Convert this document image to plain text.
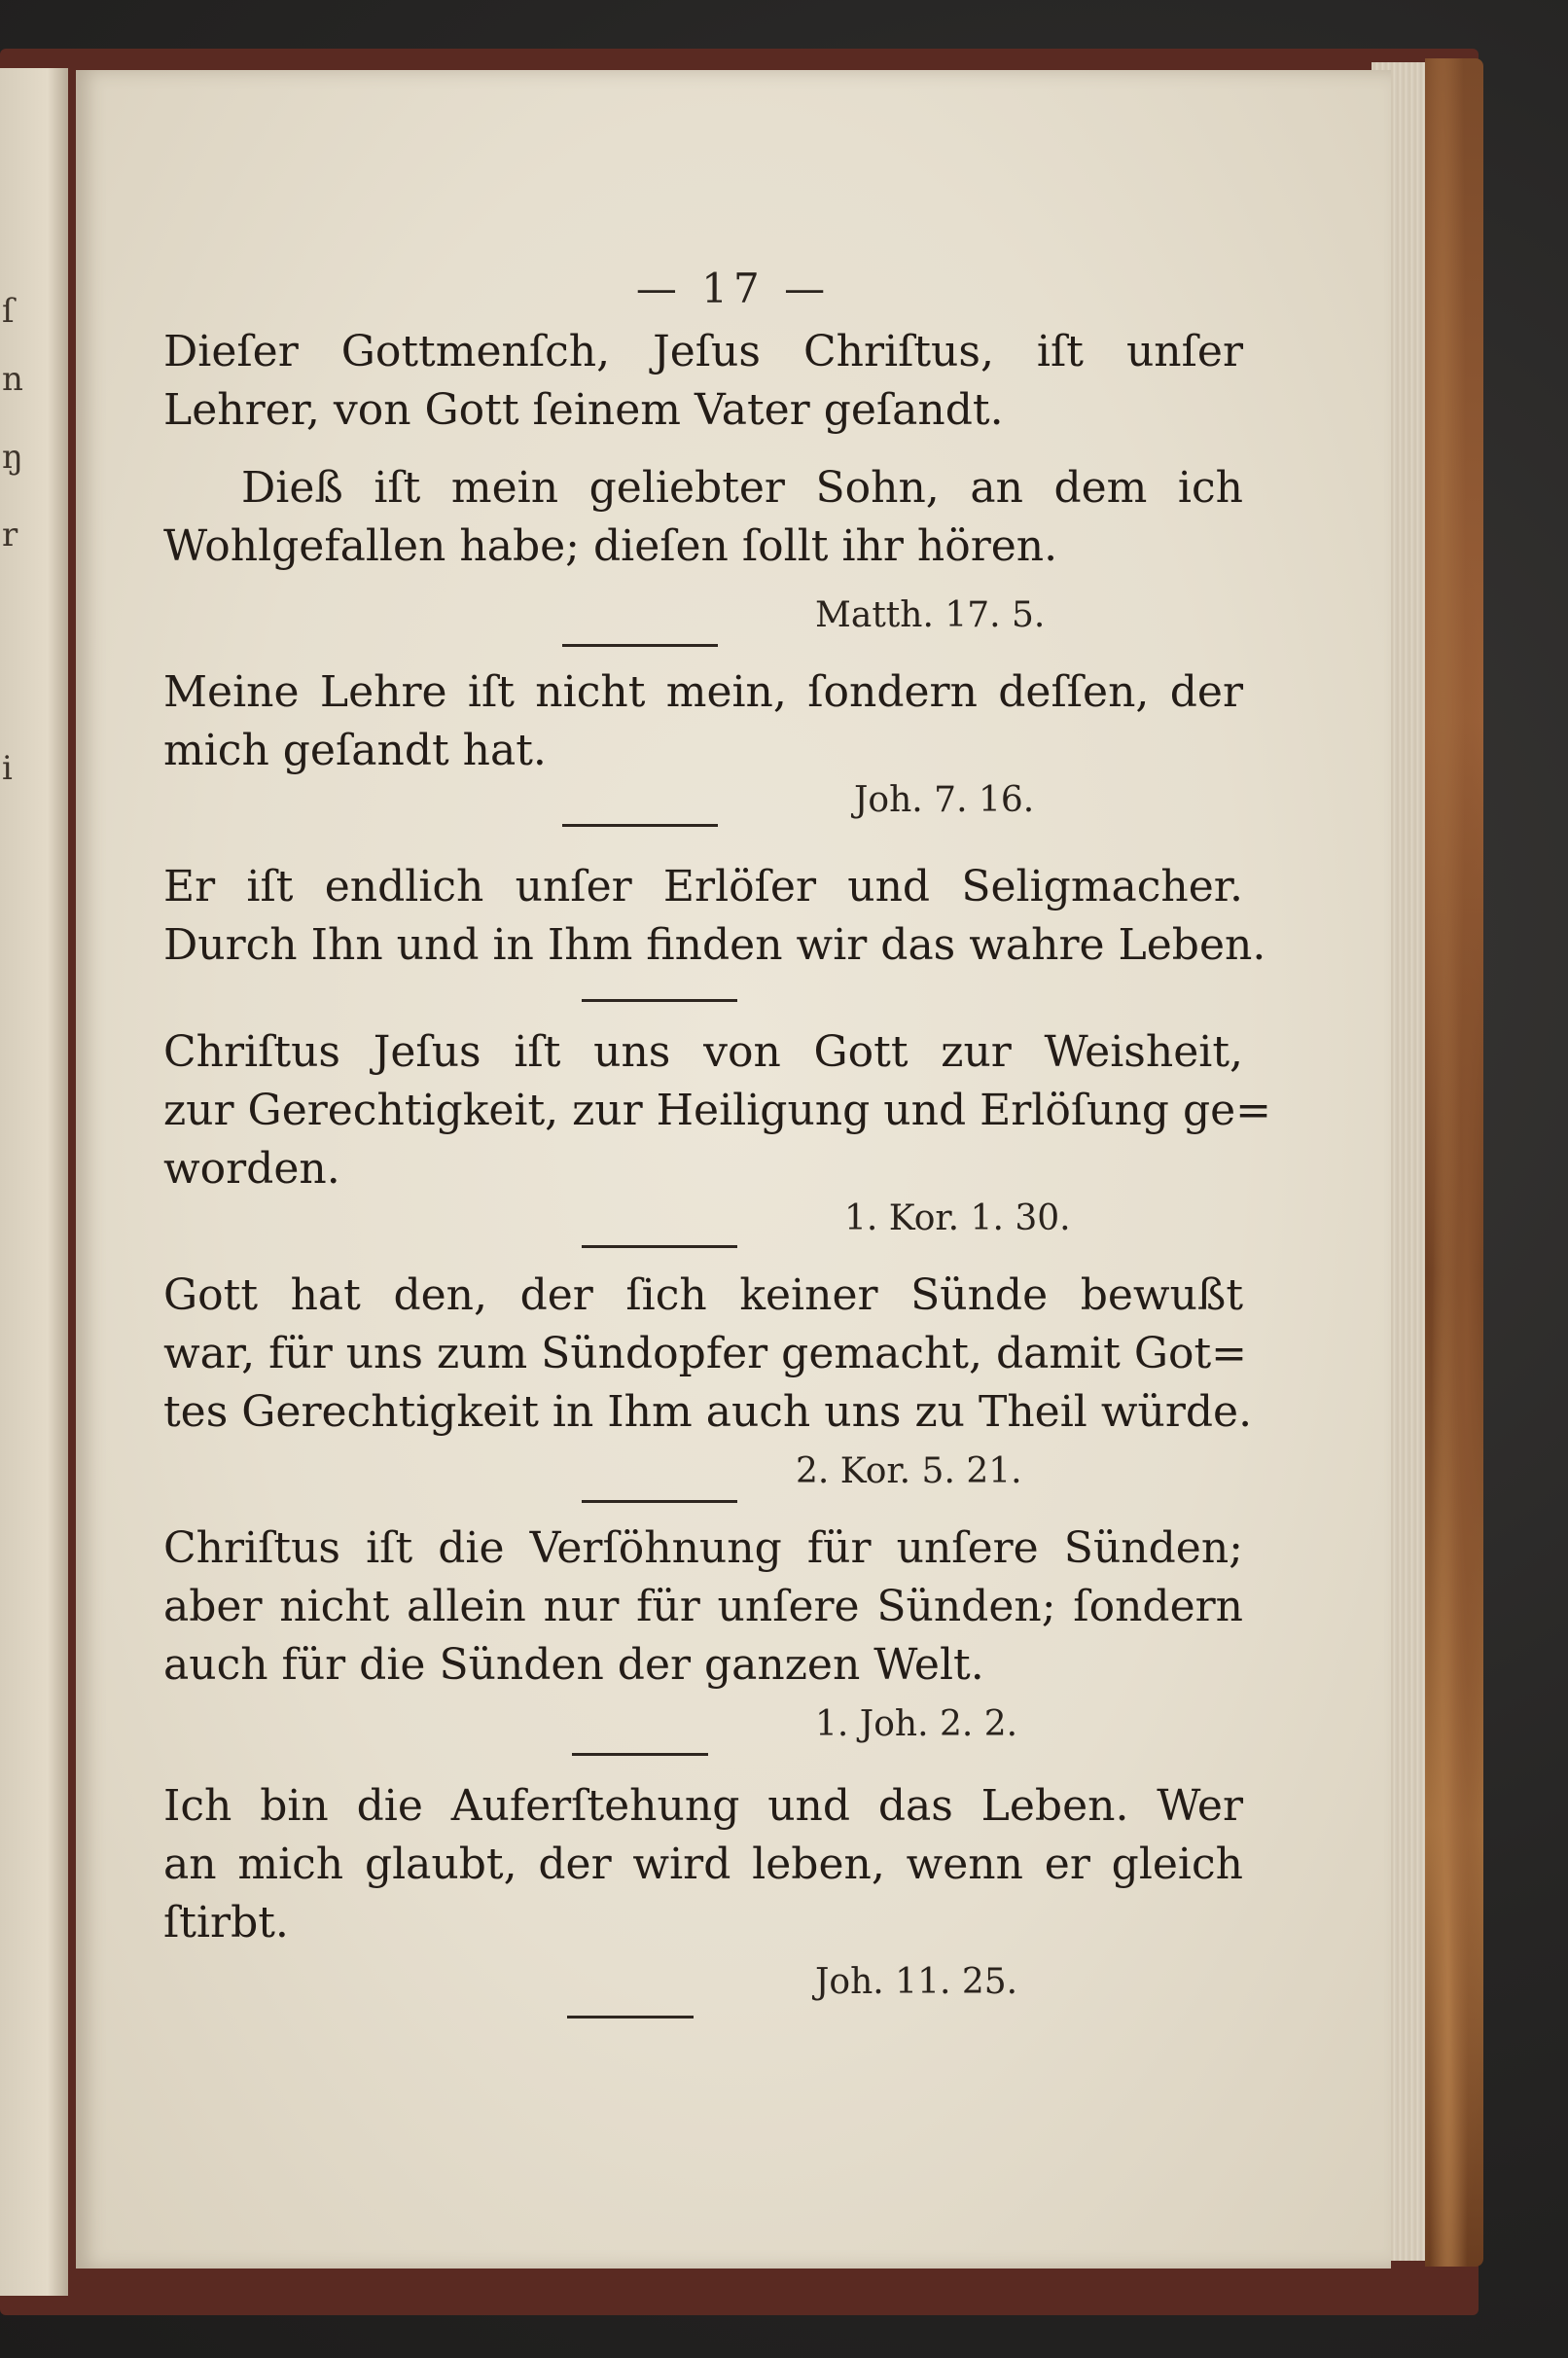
ſ
n
ŋ
r
i
— 17 —
Dieſer Gottmenſch, Jeſus Chriſtus, iſt unſer
Lehrer, von Gott ſeinem Vater geſandt.
Dieß iſt mein geliebter Sohn, an dem ich
Wohlgefallen habe; dieſen ſollt ihr hören.
Matth. 17. 5.
Meine Lehre iſt nicht mein, ſondern deſſen, der
mich geſandt hat.
Joh. 7. 16.
Er iſt endlich unſer Erlöſer und Seligmacher.
Durch Ihn und in Ihm finden wir das wahre Leben.
Chriſtus Jeſus iſt uns von Gott zur Weisheit,
zur Gerechtigkeit, zur Heiligung und Erlöſung ge=
worden.
1. Kor. 1. 30.
Gott hat den, der ſich keiner Sünde bewußt
war, für uns zum Sündopfer gemacht, damit Got=
tes Gerechtigkeit in Ihm auch uns zu Theil würde.
2. Kor. 5. 21.
Chriſtus iſt die Verſöhnung für unſere Sünden;
aber nicht allein nur für unſere Sünden; ſondern
auch für die Sünden der ganzen Welt.
1. Joh. 2. 2.
Ich bin die Auferſtehung und das Leben. Wer
an mich glaubt, der wird leben, wenn er gleich
ſtirbt.
Joh. 11. 25.
